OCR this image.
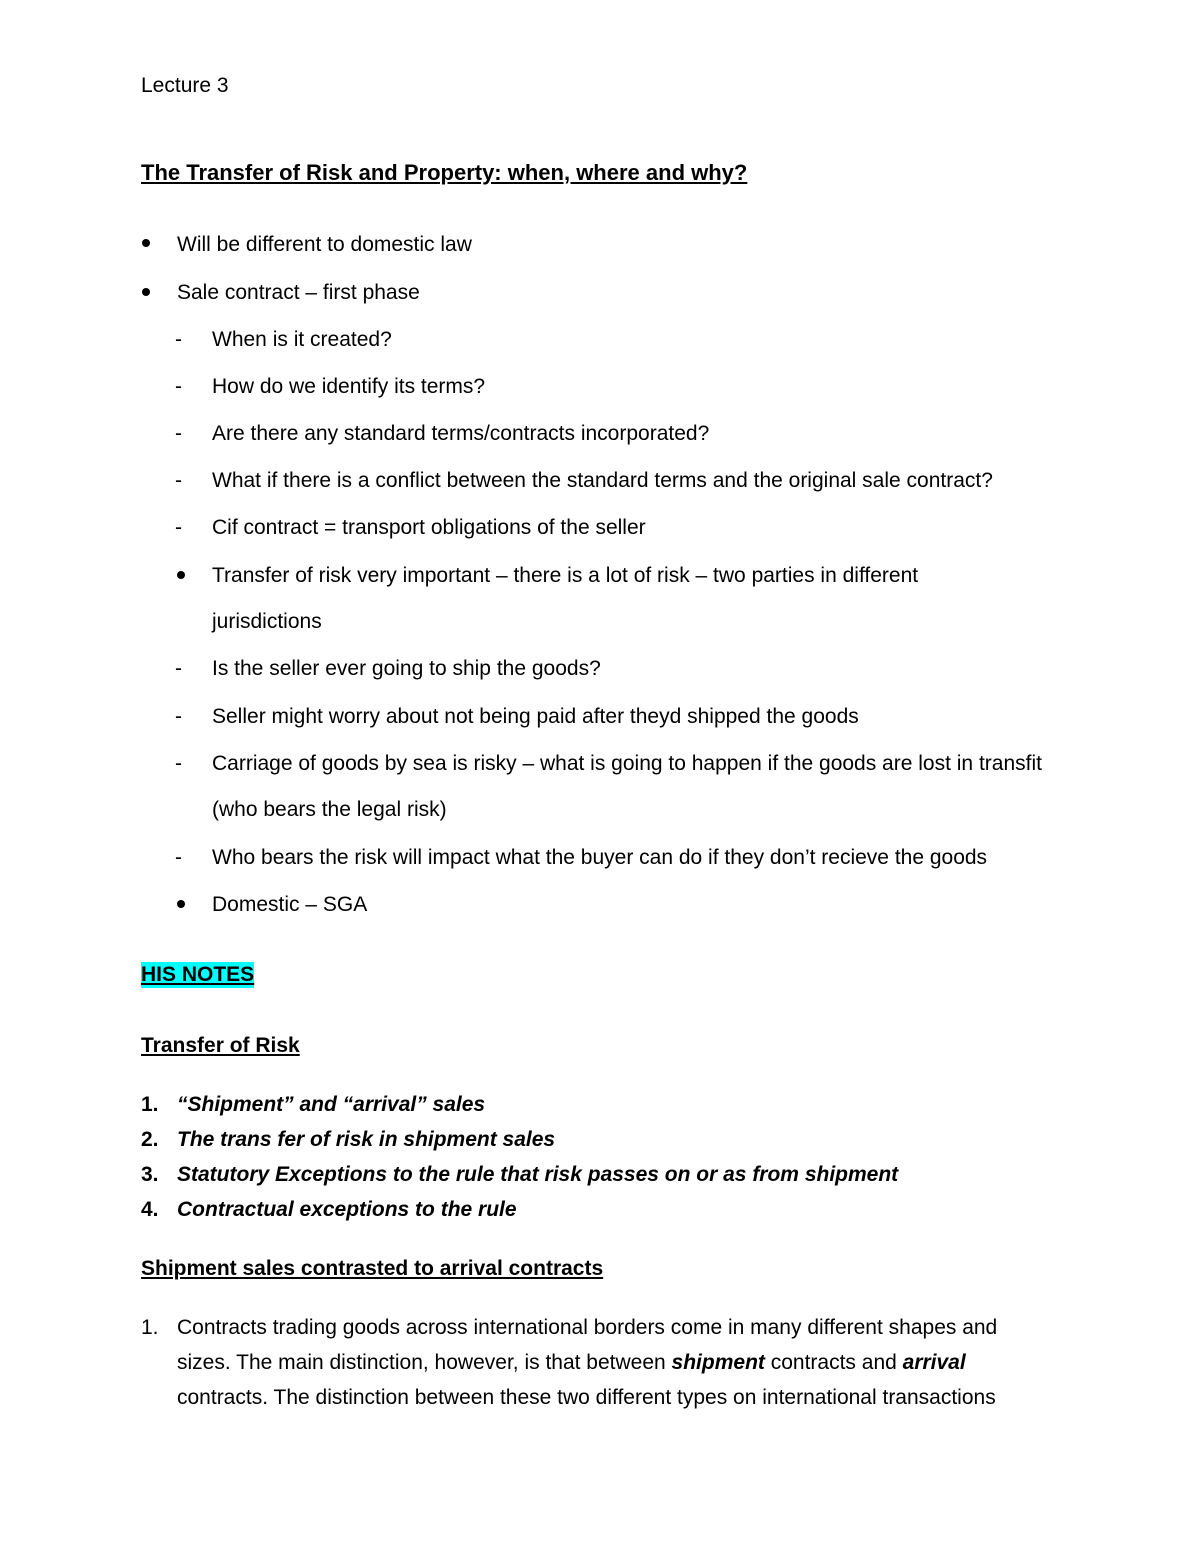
Lecture 3
The Transfer of Risk and Property: when, where and why?
Will be different to domestic law
Sale contract – first phase
- When is it created?
- How do we identify its terms?
- Are there any standard terms/contracts incorporated?
- What if there is a conflict between the standard terms and the original sale contract?
- Cif contract = transport obligations of the seller
Transfer of risk very important – there is a lot of risk – two parties in different
jurisdictions
- Is the seller ever going to ship the goods?
- Seller might worry about not being paid after theyd shipped the goods
- Carriage of goods by sea is risky – what is going to happen if the goods are lost in transfit
(who bears the legal risk)
- Who bears the risk will impact what the buyer can do if they don’t recieve the goods
Domestic – SGA
HIS NOTES
Transfer of Risk
1. “Shipment” and “arrival” sales
2. The trans fer of risk in shipment sales
3. Statutory Exceptions to the rule that risk passes on or as from shipment
4. Contractual exceptions to the rule
Shipment sales contrasted to arrival contracts
1. Contracts trading goods across international borders come in many different shapes and
sizes. The main distinction, however, is that between shipment contracts and arrival
contracts. The distinction between these two different types on international transactions
